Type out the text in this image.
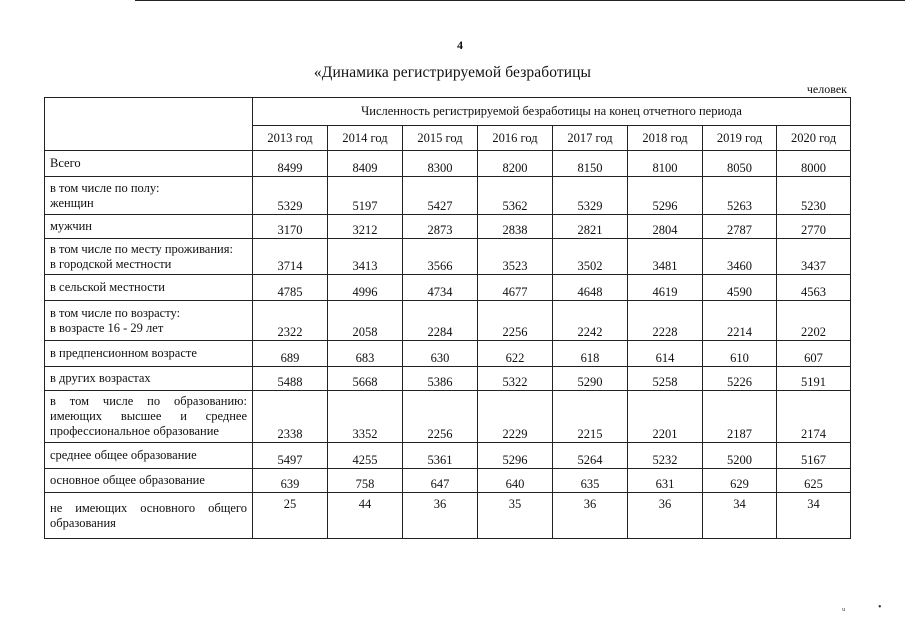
4
«Динамика регистрируемой безработицы
человек
	Численность регистрируемой безработицы на конец отчетного периода							
	2013 год	2014 год	2015 год	2016 год	2017 год	2018 год	2019 год	2020 год
Всего	8499	8409	8300	8200	8150	8100	8050	8000
в том числе по полу:
женщин	5329	5197	5427	5362	5329	5296	5263	5230
мужчин	3170	3212	2873	2838	2821	2804	2787	2770
в том числе по месту проживания:
в городской местности	3714	3413	3566	3523	3502	3481	3460	3437
в сельской местности	4785	4996	4734	4677	4648	4619	4590	4563
в том числе по возрасту:
в возрасте 16 - 29 лет	2322	2058	2284	2256	2242	2228	2214	2202
в предпенсионном возрасте	689	683	630	622	618	614	610	607
в других возрастах	5488	5668	5386	5322	5290	5258	5226	5191
в том числе по образованию: имеющих высшее и среднее профессиональное образование	2338	3352	2256	2229	2215	2201	2187	2174
среднее общее образование	5497	4255	5361	5296	5264	5232	5200	5167
основное общее образование	639	758	647	640	635	631	629	625
не имеющих основного общего образования	25	44	36	35	36	36	34	34
ᵤ	•
